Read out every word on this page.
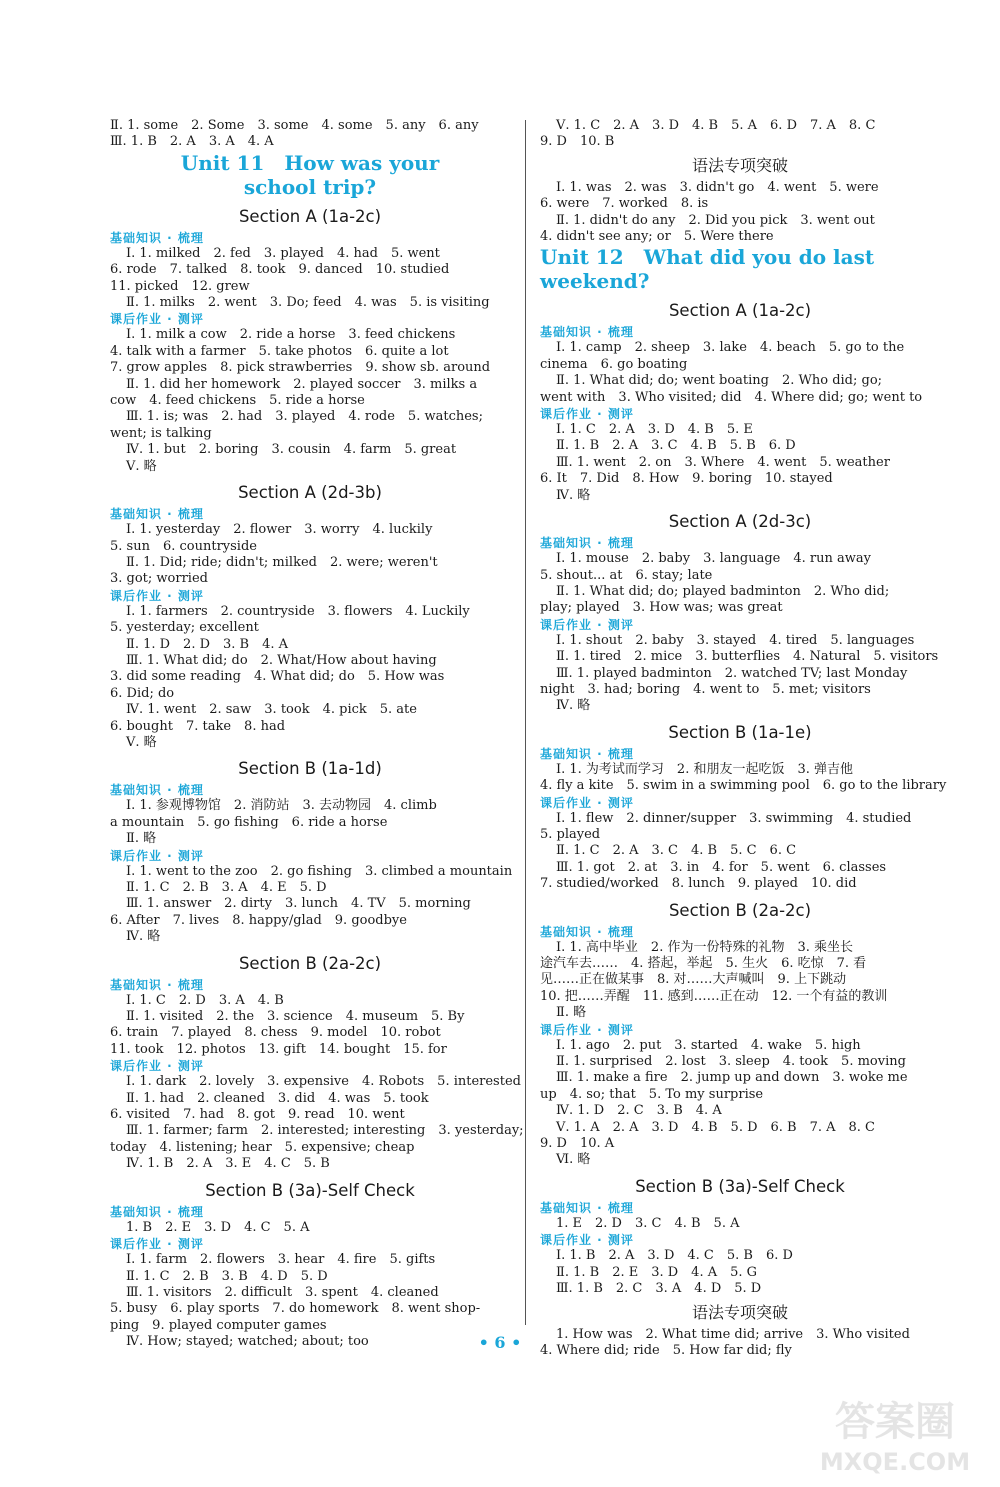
Ⅱ. 1. some　2. Some　3. some　4. some　5. any　6. any
Ⅲ. 1. B　2. A　3. A　4. A
Unit 11　How was your
school trip?
Section A (1a-2c)
基础知识 · 梳理
Ⅰ. 1. milked　2. fed　3. played　4. had　5. went
6. rode　7. talked　8. took　9. danced　10. studied
11. picked　12. grew
Ⅱ. 1. milks　2. went　3. Do; feed　4. was　5. is visiting
课后作业 · 测评
Ⅰ. 1. milk a cow　2. ride a horse　3. feed chickens
4. talk with a farmer　5. take photos　6. quite a lot
7. grow apples　8. pick strawberries　9. show sb. around
Ⅱ. 1. did her homework　2. played soccer　3. milks a
cow　4. feed chickens　5. ride a horse
Ⅲ. 1. is; was　2. had　3. played　4. rode　5. watches;
went; is talking
Ⅳ. 1. but　2. boring　3. cousin　4. farm　5. great
Ⅴ. 略
Section A (2d-3b)
基础知识 · 梳理
Ⅰ. 1. yesterday　2. flower　3. worry　4. luckily
5. sun　6. countryside
Ⅱ. 1. Did; ride; didn't; milked　2. were; weren't
3. got; worried
课后作业 · 测评
Ⅰ. 1. farmers　2. countryside　3. flowers　4. Luckily
5. yesterday; excellent
Ⅱ. 1. D　2. D　3. B　4. A
Ⅲ. 1. What did; do　2. What/How about having
3. did some reading　4. What did; do　5. How was
6. Did; do
Ⅳ. 1. went　2. saw　3. took　4. pick　5. ate
6. bought　7. take　8. had
Ⅴ. 略
Section B (1a-1d)
基础知识 · 梳理
Ⅰ. 1. 参观博物馆　2. 消防站　3. 去动物园　4. climb
a mountain　5. go fishing　6. ride a horse
Ⅱ. 略
课后作业 · 测评
Ⅰ. 1. went to the zoo　2. go fishing　3. climbed a mountain
Ⅱ. 1. C　2. B　3. A　4. E　5. D
Ⅲ. 1. answer　2. dirty　3. lunch　4. TV　5. morning
6. After　7. lives　8. happy/glad　9. goodbye
Ⅳ. 略
Section B (2a-2c)
基础知识 · 梳理
Ⅰ. 1. C　2. D　3. A　4. B
Ⅱ. 1. visited　2. the　3. science　4. museum　5. By
6. train　7. played　8. chess　9. model　10. robot
11. took　12. photos　13. gift　14. bought　15. for
课后作业 · 测评
Ⅰ. 1. dark　2. lovely　3. expensive　4. Robots　5. interested
Ⅱ. 1. had　2. cleaned　3. did　4. was　5. took
6. visited　7. had　8. got　9. read　10. went
Ⅲ. 1. farmer; farm　2. interested; interesting　3. yesterday;
today　4. listening; hear　5. expensive; cheap
Ⅳ. 1. B　2. A　3. E　4. C　5. B
Section B (3a)-Self Check
基础知识 · 梳理
1. B　2. E　3. D　4. C　5. A
课后作业 · 测评
Ⅰ. 1. farm　2. flowers　3. hear　4. fire　5. gifts
Ⅱ. 1. C　2. B　3. B　4. D　5. D
Ⅲ. 1. visitors　2. difficult　3. spent　4. cleaned
5. busy　6. play sports　7. do homework　8. went shop-
ping　9. played computer games
Ⅳ. How; stayed; watched; about; too
Ⅴ. 1. C　2. A　3. D　4. B　5. A　6. D　7. A　8. C
9. D　10. B
语法专项突破
Ⅰ. 1. was　2. was　3. didn't go　4. went　5. were
6. were　7. worked　8. is
Ⅱ. 1. didn't do any　2. Did you pick　3. went out
4. didn't see any; or　5. Were there
Unit 12　What did you do last weekend?
Section A (1a-2c)
基础知识 · 梳理
Ⅰ. 1. camp　2. sheep　3. lake　4. beach　5. go to the
cinema　6. go boating
Ⅱ. 1. What did; do; went boating　2. Who did; go;
went with　3. Who visited; did　4. Where did; go; went to
课后作业 · 测评
Ⅰ. 1. C　2. A　3. D　4. B　5. E
Ⅱ. 1. B　2. A　3. C　4. B　5. B　6. D
Ⅲ. 1. went　2. on　3. Where　4. went　5. weather
6. It　7. Did　8. How　9. boring　10. stayed
Ⅳ. 略
Section A (2d-3c)
基础知识 · 梳理
Ⅰ. 1. mouse　2. baby　3. language　4. run away
5. shout... at　6. stay; late
Ⅱ. 1. What did; do; played badminton　2. Who did;
play; played　3. How was; was great
课后作业 · 测评
Ⅰ. 1. shout　2. baby　3. stayed　4. tired　5. languages
Ⅱ. 1. tired　2. mice　3. butterflies　4. Natural　5. visitors
Ⅲ. 1. played badminton　2. watched TV; last Monday
night　3. had; boring　4. went to　5. met; visitors
Ⅳ. 略
Section B (1a-1e)
基础知识 · 梳理
Ⅰ. 1. 为考试而学习　2. 和朋友一起吃饭　3. 弹吉他
4. fly a kite　5. swim in a swimming pool　6. go to the library
课后作业 · 测评
Ⅰ. 1. flew　2. dinner/supper　3. swimming　4. studied
5. played
Ⅱ. 1. C　2. A　3. C　4. B　5. C　6. C
Ⅲ. 1. got　2. at　3. in　4. for　5. went　6. classes
7. studied/worked　8. lunch　9. played　10. did
Section B (2a-2c)
基础知识 · 梳理
Ⅰ. 1. 高中毕业　2. 作为一份特殊的礼物　3. 乘坐长
途汽车去……　4. 搭起，举起　5. 生火　6. 吃惊　7. 看
见……正在做某事　8. 对……大声喊叫　9. 上下跳动
10. 把……弄醒　11. 感到……正在动　12. 一个有益的教训
Ⅱ. 略
课后作业 · 测评
Ⅰ. 1. ago　2. put　3. started　4. wake　5. high
Ⅱ. 1. surprised　2. lost　3. sleep　4. took　5. moving
Ⅲ. 1. make a fire　2. jump up and down　3. woke me
up　4. so; that　5. To my surprise
Ⅳ. 1. D　2. C　3. B　4. A
Ⅴ. 1. A　2. A　3. D　4. B　5. D　6. B　7. A　8. C
9. D　10. A
Ⅵ. 略
Section B (3a)-Self Check
基础知识 · 梳理
1. E　2. D　3. C　4. B　5. A
课后作业 · 测评
Ⅰ. 1. B　2. A　3. D　4. C　5. B　6. D
Ⅱ. 1. B　2. E　3. D　4. A　5. G
Ⅲ. 1. B　2. C　3. A　4. D　5. D
语法专项突破
1. How was　2. What time did; arrive　3. Who visited
4. Where did; ride　5. How far did; fly
• 6 •
答案圈
MXQE.COM
